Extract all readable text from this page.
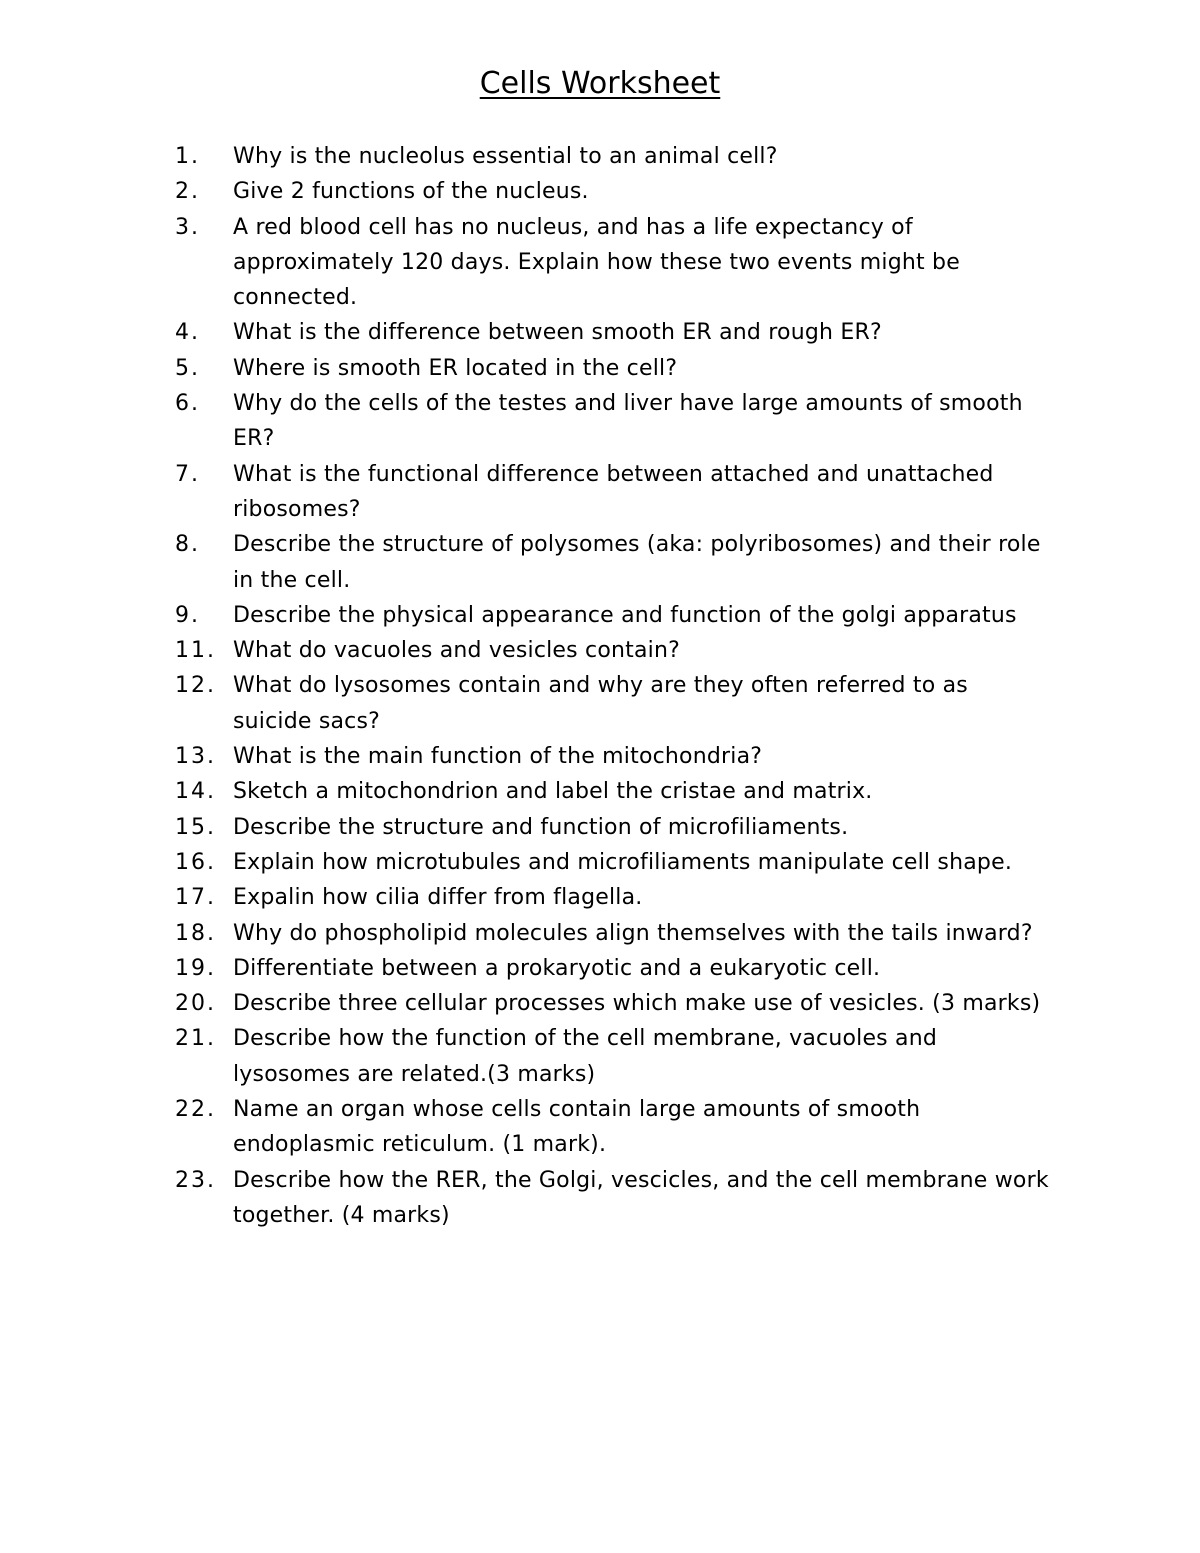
Cells Worksheet
1.	Why is the nucleolus essential to an animal cell?
2.	Give 2 functions of the nucleus.
3.	A red blood cell has no nucleus, and has a life expectancy of approximately 120 days. Explain how these two events might be connected.
4.	What is the difference between smooth ER and rough ER?
5.	Where is smooth ER located in the cell?
6.	Why do the cells of the testes and liver have large amounts of smooth ER?
7.	What is the functional difference between attached and unattached ribosomes?
8.	Describe the structure of polysomes (aka: polyribosomes) and their role in the cell.
9.	Describe the physical appearance and function of the golgi apparatus
11. What do vacuoles and vesicles contain?
12. What do lysosomes contain and why are they often referred to as suicide sacs?
13. What is the main function of the mitochondria?
14. Sketch a mitochondrion and label the cristae and matrix.
15. Describe the structure and function of microfiliaments.
16. Explain how microtubules and microfiliaments manipulate cell shape.
17. Expalin how cilia differ from flagella.
18. Why do phospholipid molecules align themselves with the tails inward?
19. Differentiate between a prokaryotic and a eukaryotic cell.
20. Describe three cellular processes which make use of vesicles. (3 marks)
21. Describe how the function of the cell membrane, vacuoles and lysosomes are related.(3 marks)
22. Name an organ whose cells contain large amounts of smooth endoplasmic reticulum. (1 mark).
23. Describe how the RER, the Golgi, vescicles, and the cell membrane work together. (4 marks)
